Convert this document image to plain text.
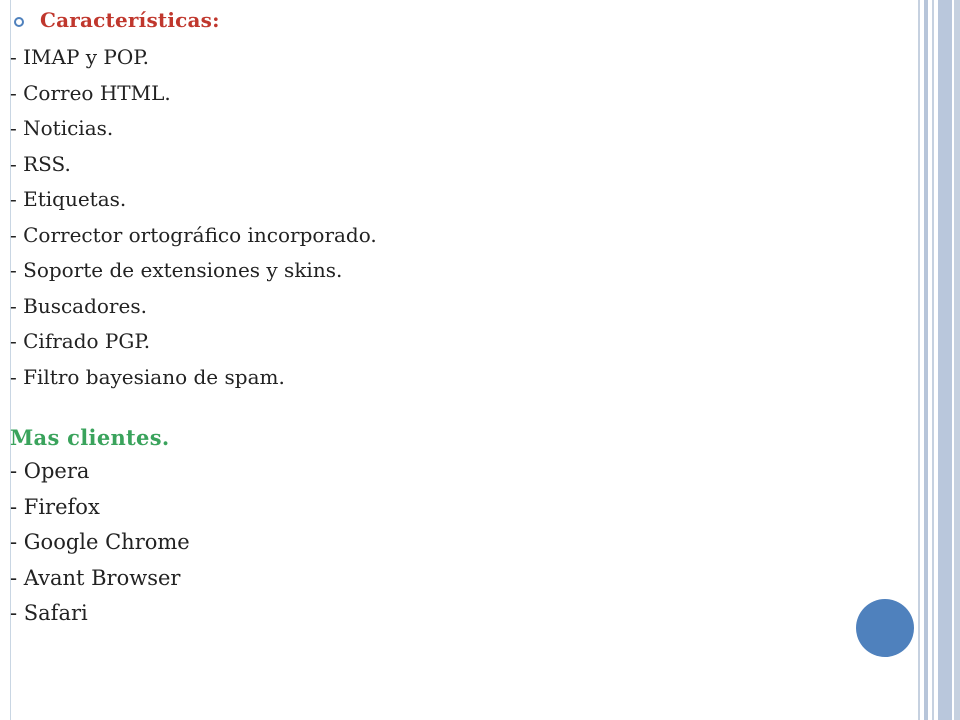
Características:
- IMAP y POP.
- Correo HTML.
- Noticias.
- RSS.
- Etiquetas.
- Corrector ortográfico incorporado.
- Soporte de extensiones y skins.
- Buscadores.
- Cifrado PGP.
- Filtro bayesiano de spam.
Mas clientes.
- Opera
- Firefox
- Google Chrome
- Avant Browser
- Safari
